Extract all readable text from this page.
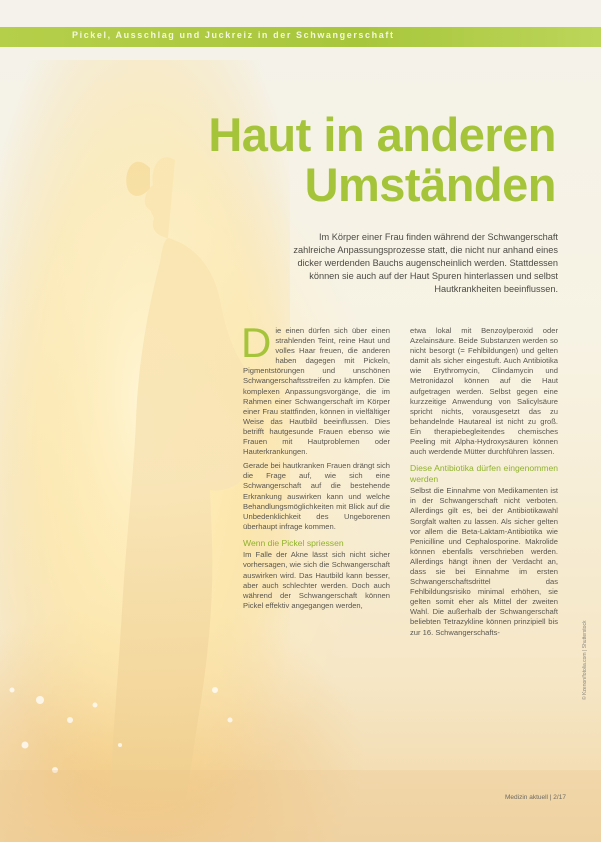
Pickel, Ausschlag und Juckreiz in der Schwangerschaft
Haut in anderen
Umständen
Im Körper einer Frau finden während der Schwangerschaft zahlreiche Anpassungsprozesse statt, die nicht nur anhand eines dicker werdenden Bauchs augenscheinlich werden. Stattdessen können sie auch auf der Haut Spuren hinterlassen und selbst Hautkrankheiten beeinflussen.

Die einen dürfen sich über einen strahlenden Teint, reine Haut und volles Haar freuen, die anderen haben dagegen mit Pickeln, Pigmentstörungen und unschönen Schwangerschaftsstreifen zu kämpfen. Die komplexen Anpassungsvorgänge, die im Rahmen einer Schwangerschaft im Körper einer Frau stattfinden, können in vielfältiger Weise das Hautbild beeinflussen. Dies betrifft hautgesunde Frauen ebenso wie Frauen mit Hautproblemen oder Hauterkrankungen.

Gerade bei hautkranken Frauen drängt sich die Frage auf, wie sich eine Schwangerschaft auf die bestehende Erkrankung auswirken kann und welche Behandlungsmöglichkeiten mit Blick auf die Unbedenklichkeit des Ungeborenen überhaupt infrage kommen.

Wenn die Pickel spriessen

Im Falle der Akne lässt sich nicht sicher vorhersagen, wie sich die Schwangerschaft auswirken wird. Das Hautbild kann besser, aber auch schlechter werden. Doch auch während der Schwangerschaft können Pickel effektiv angegangen werden,

etwa lokal mit Benzoylperoxid oder Azelainsäure. Beide Substanzen werden so nicht besorgt (= Fehlbildungen) und gelten damit als sicher eingestuft. Auch Antibiotika wie Erythromycin, Clindamycin und Metronidazol können auf die Haut aufgetragen werden. Selbst gegen eine kurzzeitige Anwendung von Salicylsäure spricht nichts, vorausgesetzt das zu behandelnde Hautareal ist nicht zu groß. Ein therapiebegleitendes chemisches Peeling mit Alpha-Hydroxysäuren können auch werdende Mütter durchführen lassen.

Diese Antibiotika dürfen eingenommen werden

Selbst die Einnahme von Medikamenten ist in der Schwangerschaft nicht verboten. Allerdings gilt es, bei der Antibiotikawahl Sorgfalt walten zu lassen. Als sicher gelten vor allem die Beta-Laktam-Antibiotika wie Penicilline und Cephalosporine. Makrolide können ebenfalls verschrieben werden. Allerdings hängt ihnen der Verdacht an, dass sie bei Einnahme im ersten Schwangerschaftsdrittel das Fehlbildungsrisiko minimal erhöhen, sie gelten somit eher als Mittel der zweiten Wahl. Die außerhalb der Schwangerschaft beliebten Tetrazykline können prinzipiell bis zur 16. Schwangerschafts-

Medizin aktuell | 2/17
© Kzenon/fotolia.com | Shutterstock
